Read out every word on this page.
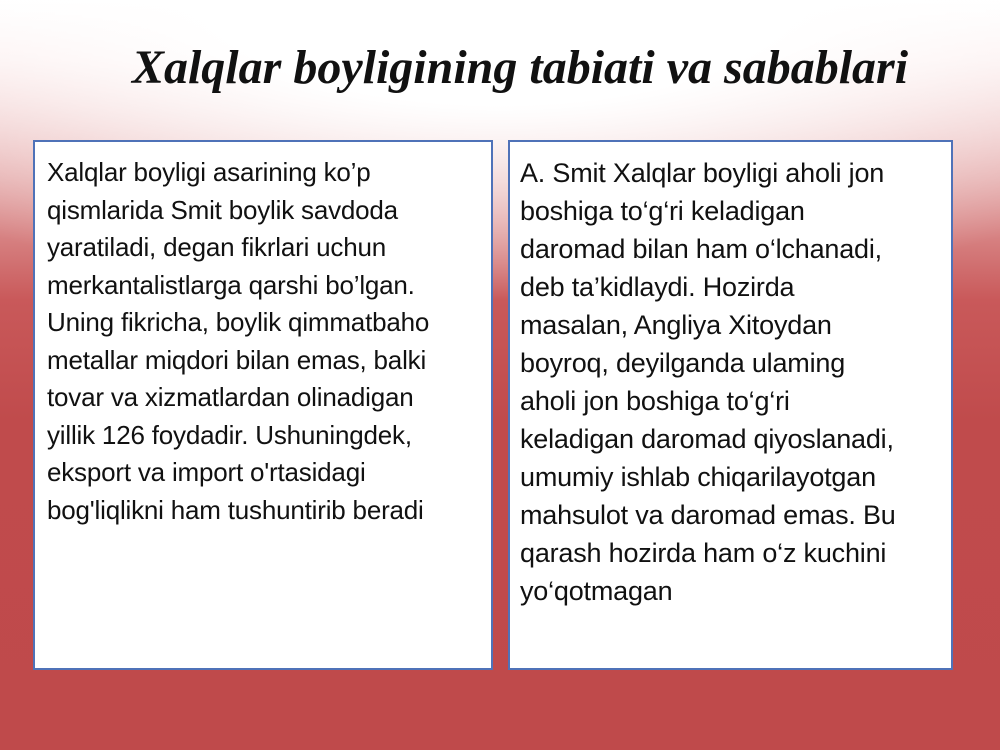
Xalqlar boyligining tabiati va sabablari
Xalqlar boyligi asarining ko’p
qismlarida Smit boylik savdoda
yaratiladi, degan fikrlari uchun
merkantalistlarga qarshi bo’lgan.
Uning fikricha, boylik qimmatbaho
metallar miqdori bilan emas, balki
tovar va xizmatlardan olinadigan
yillik 126 foydadir. Ushuningdek,
eksport va import o'rtasidagi
bog'liqlikni ham tushuntirib beradi
A. Smit Xalqlar boyligi aholi jon
boshiga to‘g‘ri keladigan
daromad bilan ham o‘lchanadi,
deb ta’kidlaydi. Hozirda
masalan, Angliya Xitoydan
boyroq, deyilganda ulaming
aholi jon boshiga to‘g‘ri
keladigan daromad qiyoslanadi,
umumiy ishlab chiqarilayotgan
mahsulot va daromad emas. Bu
qarash hozirda ham o‘z kuchini
yo‘qotmagan
